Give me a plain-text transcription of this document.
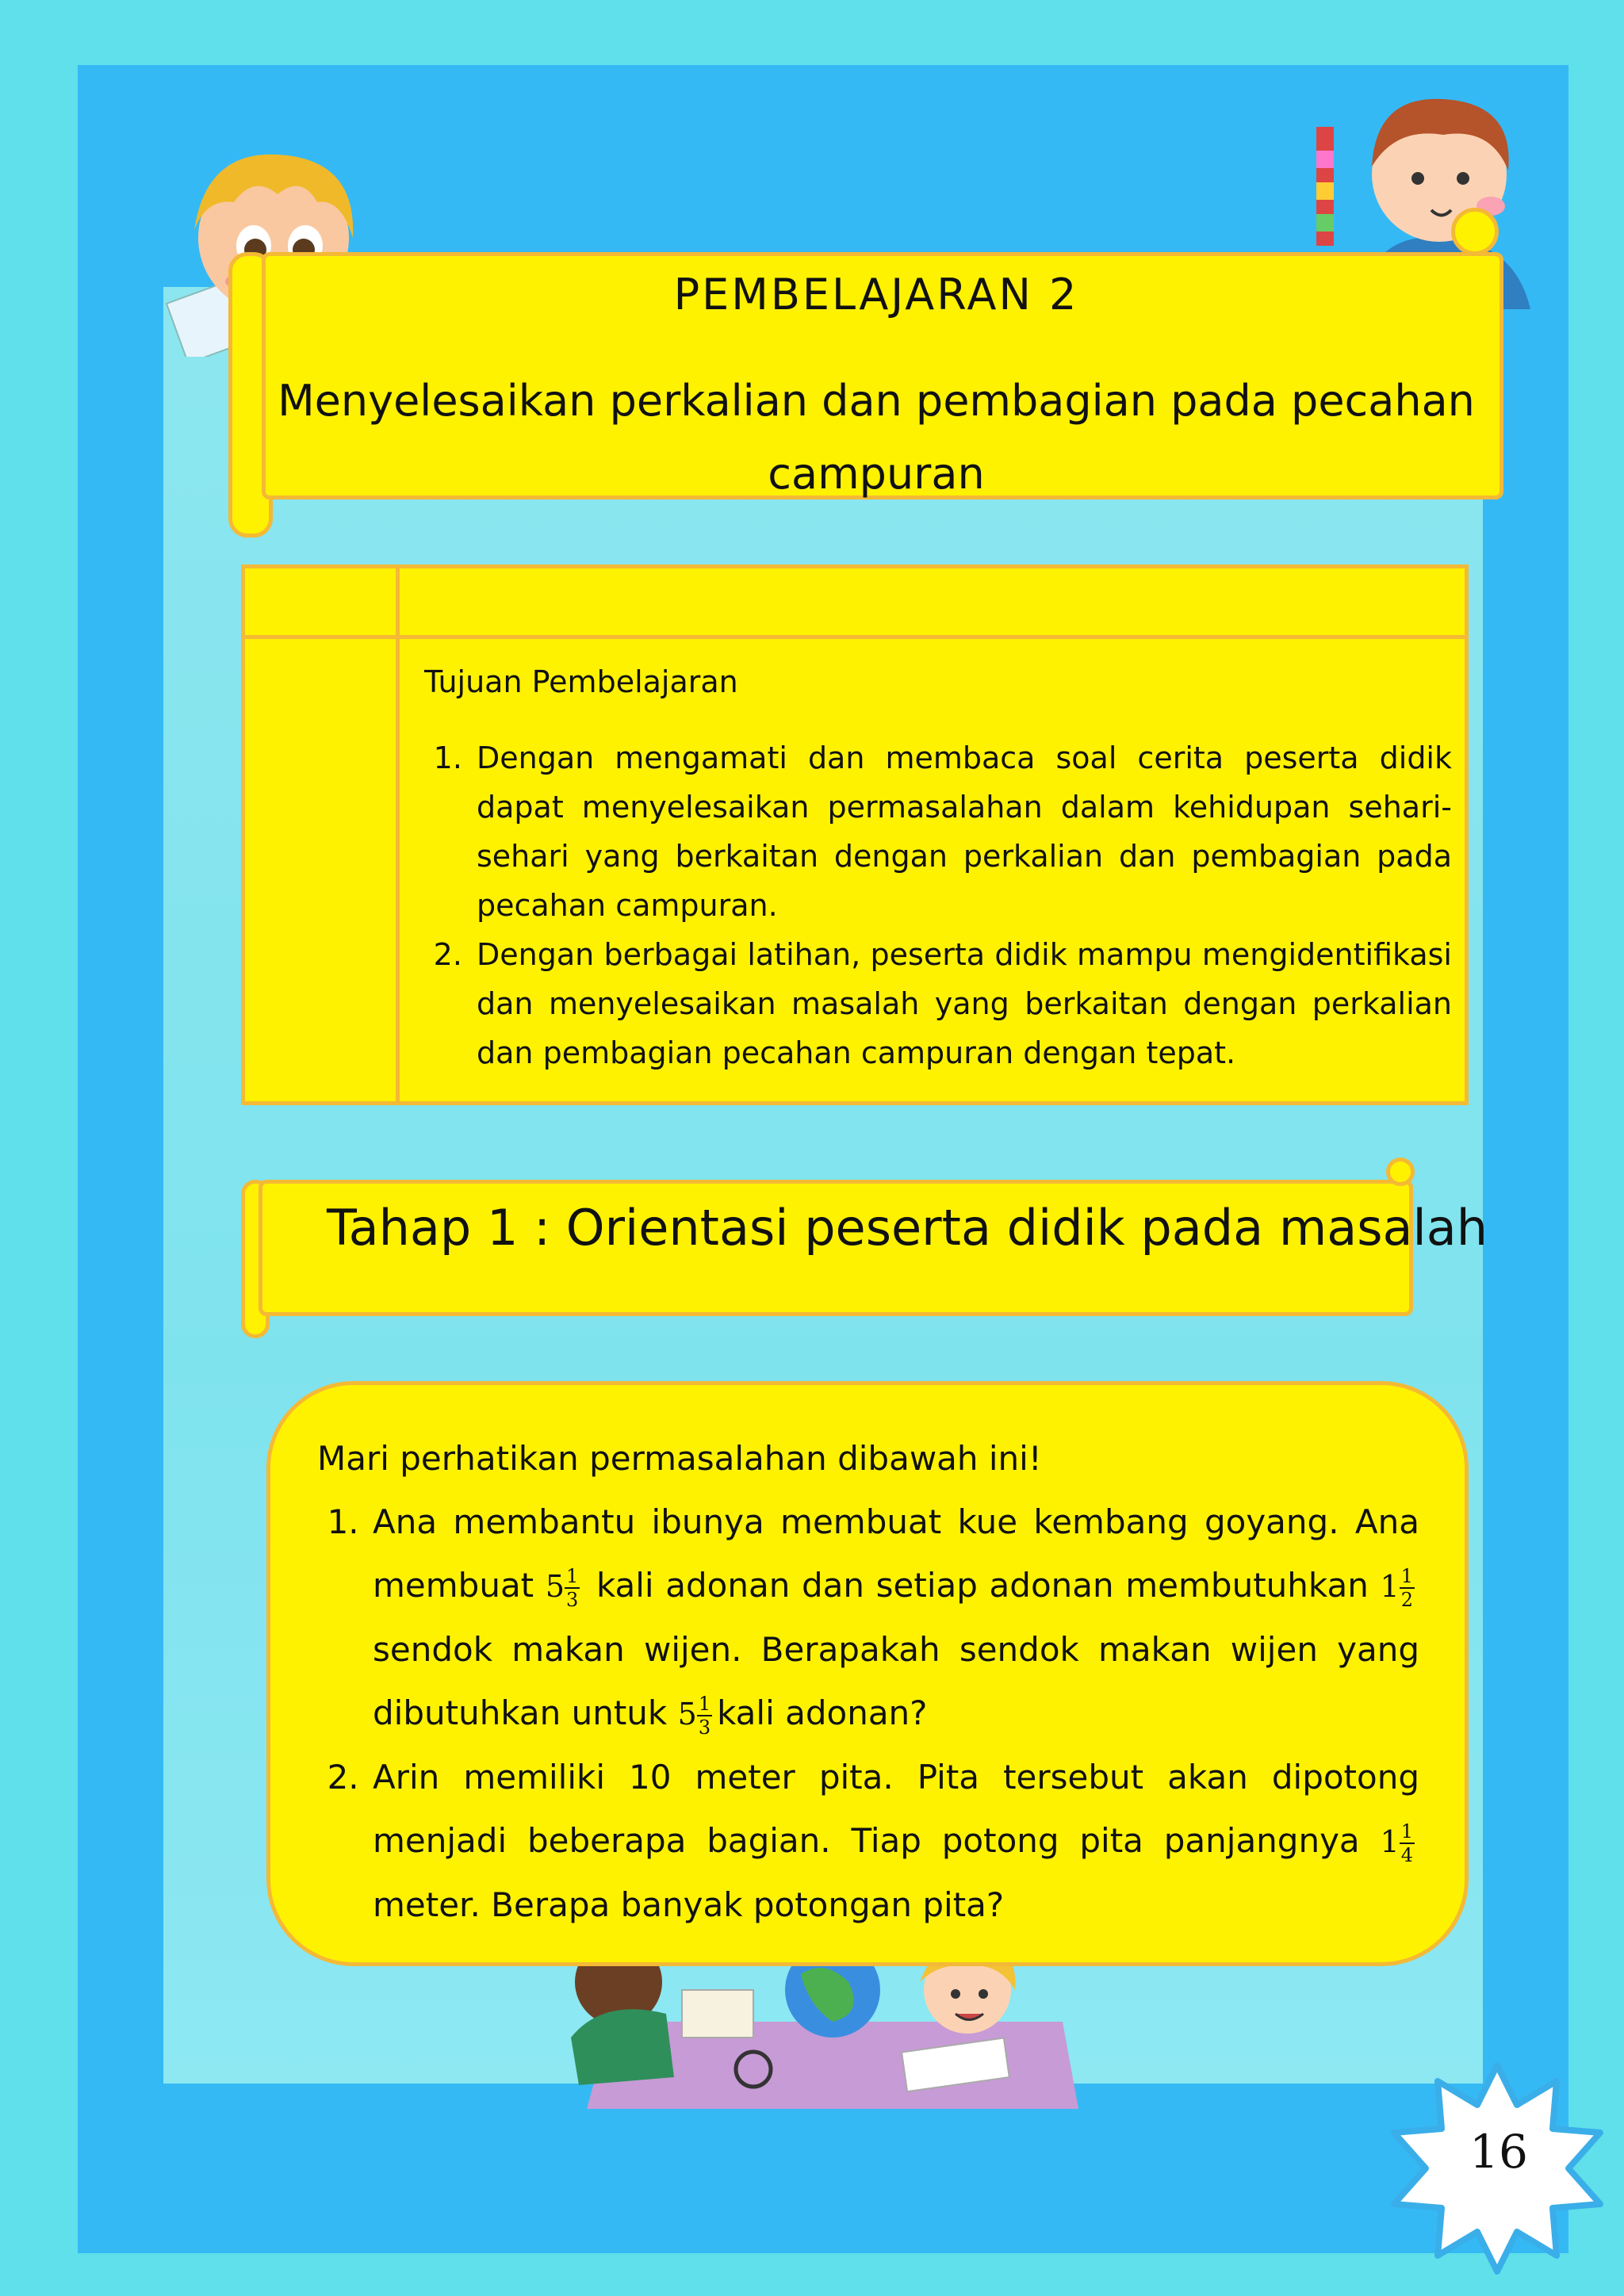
PEMBELAJARAN 2
Menyelesaikan perkalian dan pembagian pada pecahan
campuran
Tujuan Pembelajaran
1. Dengan mengamati dan membaca soal cerita peserta didik dapat menyelesaikan permasalahan dalam kehidupan sehari-sehari yang berkaitan dengan perkalian dan pembagian pada pecahan campuran.
2. Dengan berbagai latihan, peserta didik mampu mengidentifikasi dan menyelesaikan masalah yang berkaitan dengan perkalian dan pembagian pecahan campuran dengan tepat.
Tahap 1 : Orientasi peserta didik pada masalah
Mari perhatikan permasalahan dibawah ini!
1. Ana membantu ibunya membuat kue kembang goyang. Ana membuat $5 \frac{1}{3}$ kali adonan dan setiap adonan membutuhkan $1 \frac{1}{2}$
sendok makan wijen. Berapakah sendok makan wijen yang dibutuhkan untuk $5 \frac{1}{3}$ kali adonan?
2. Arin memiliki 10 meter pita. Pita tersebut akan dipotong menjadi beberapa bagian. Tiap potong pita panjangnya $1 \frac{1}{4}$
meter. Berapa banyak potongan pita?
16
